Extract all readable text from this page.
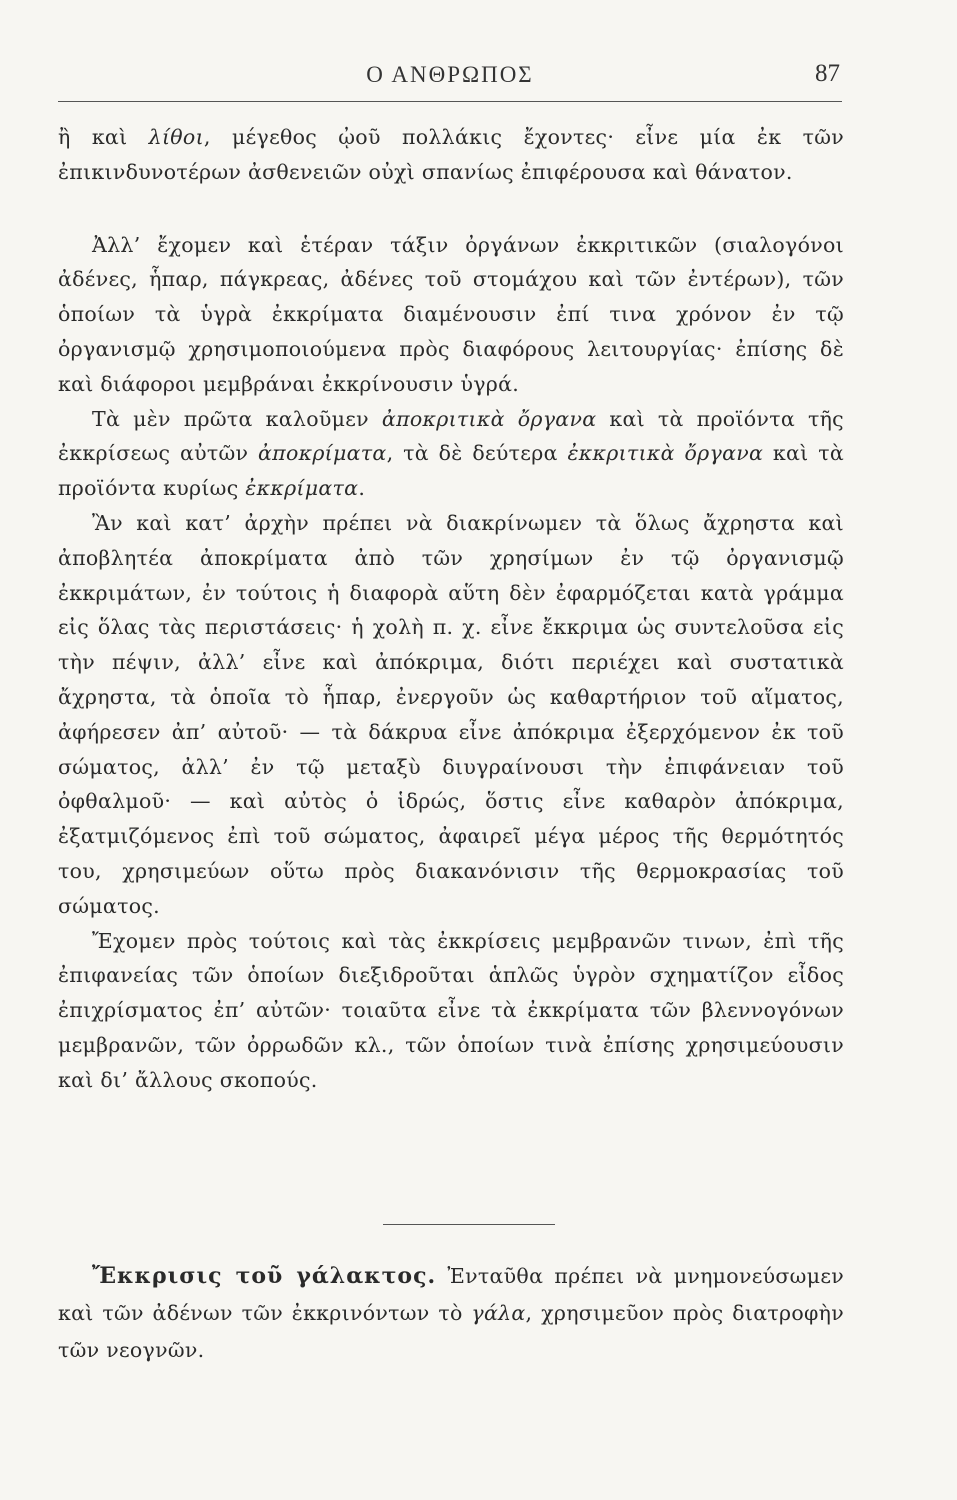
Ο ΑΝΘΡΩΠΟΣ	87

ἢ καὶ λίθοι, μέγεθος ᾠοῦ πολλάκις ἔχοντες· εἶνε μία ἐκ τῶν ἐπικινδυνοτέρων ἀσθενειῶν οὐχὶ σπανίως ἐπιφέρουσα καὶ θάνατον.

Ἀλλ’ ἔχομεν καὶ ἑτέραν τάξιν ὀργάνων ἐκκριτικῶν (σιαλογόνοι ἀδένες, ἧπαρ, πάγκρεας, ἀδένες τοῦ στομάχου καὶ τῶν ἐντέρων), τῶν ὁποίων τὰ ὑγρὰ ἐκκρίματα διαμένουσιν ἐπί τινα χρόνον ἐν τῷ ὀργανισμῷ χρησιμοποιούμενα πρὸς διαφόρους λειτουργίας· ἐπίσης δὲ καὶ διάφοροι μεμβράναι ἐκκρίνουσιν ὑγρά.

Τὰ μὲν πρῶτα καλοῦμεν ἀποκριτικὰ ὄργανα καὶ τὰ προϊόντα τῆς ἐκκρίσεως αὐτῶν ἀποκρίματα, τὰ δὲ δεύτερα ἐκκριτικὰ ὄργανα καὶ τὰ προϊόντα κυρίως ἐκκρίματα.

Ἂν καὶ κατ’ ἀρχὴν πρέπει νὰ διακρίνωμεν τὰ ὅλως ἄχρηστα καὶ ἀποβλητέα ἀποκρίματα ἀπὸ τῶν χρησίμων ἐν τῷ ὀργανισμῷ ἐκκριμάτων, ἐν τούτοις ἡ διαφορὰ αὕτη δὲν ἐφαρμόζεται κατὰ γράμμα εἰς ὅλας τὰς περιστάσεις· ἡ χολὴ π. χ. εἶνε ἔκκριμα ὡς συντελοῦσα εἰς τὴν πέψιν, ἀλλ’ εἶνε καὶ ἀπόκριμα, διότι περιέχει καὶ συστατικὰ ἄχρηστα, τὰ ὁποῖα τὸ ἧπαρ, ἐνεργοῦν ὡς καθαρτήριον τοῦ αἵματος, ἀφήρεσεν ἀπ’ αὐτοῦ· — τὰ δάκρυα εἶνε ἀπόκριμα ἐξερχόμενον ἐκ τοῦ σώματος, ἀλλ’ ἐν τῷ μεταξὺ διυγραίνουσι τὴν ἐπιφάνειαν τοῦ ὀφθαλμοῦ· — καὶ αὐτὸς ὁ ἱδρώς, ὅστις εἶνε καθαρὸν ἀπόκριμα, ἐξατμιζόμενος ἐπὶ τοῦ σώματος, ἀφαιρεῖ μέγα μέρος τῆς θερμότητός του, χρησιμεύων οὕτω πρὸς διακανόνισιν τῆς θερμοκρασίας τοῦ σώματος.

Ἔχομεν πρὸς τούτοις καὶ τὰς ἐκκρίσεις μεμβρανῶν τινων, ἐπὶ τῆς ἐπιφανείας τῶν ὁποίων διεξιδροῦται ἁπλῶς ὑγρὸν σχηματίζον εἶδος ἐπιχρίσματος ἐπ’ αὐτῶν· τοιαῦτα εἶνε τὰ ἐκκρίματα τῶν βλεννογόνων μεμβρανῶν, τῶν ὀρρωδῶν κλ., τῶν ὁποίων τινὰ ἐπίσης χρησιμεύουσιν καὶ δι’ ἄλλους σκοπούς.

Ἔκκρισις τοῦ γάλακτος. Ἐνταῦθα πρέπει νὰ μνημονεύσωμεν καὶ τῶν ἀδένων τῶν ἐκκρινόντων τὸ γάλα, χρησιμεῦον πρὸς διατροφὴν τῶν νεογνῶν.
